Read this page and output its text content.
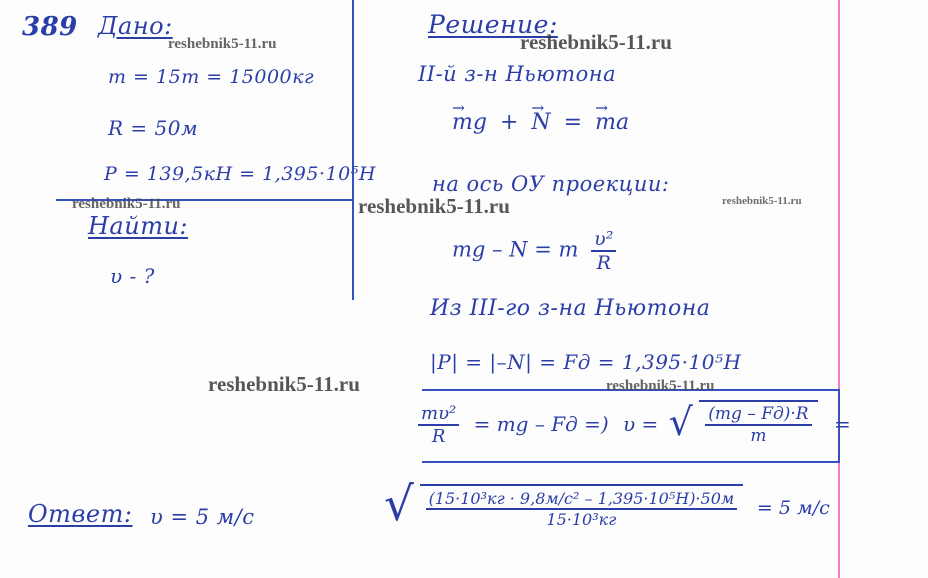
389 Дано:
m = 15т = 15000кг
R = 50м
P = 139,5кН = 1,395·10⁵Н
Найти:
υ - ?
Решение:
II-й з-н Ньютона
mg → + N → = ma →
на ось ОУ проекции:
mg – N = m $\frac{\text{υ²}}{R}$
Из III-го з-на Ньютона
|P| = |–N| = Fд = 1,395·10⁵Н
$\frac{\text{mυ²}}{R}$ = mg – Fд =) υ = √ $\frac{(mg - Fд)\cdot R}{m}$ =
√ $\frac{\text{(15·10³кг · 9,8м/с² – 1,395·10⁵Н)·50м}}{\text{15·10³кг}} = 5$ м/с
Ответ: υ = 5 м/с
reshebnik5-11.ru	reshebnik5-11.ru
reshebnik5-11.ru
reshebnik5-11.ru	reshebnik5-11.ru
reshebnik5-11.ru	reshebnik5-11.ru
